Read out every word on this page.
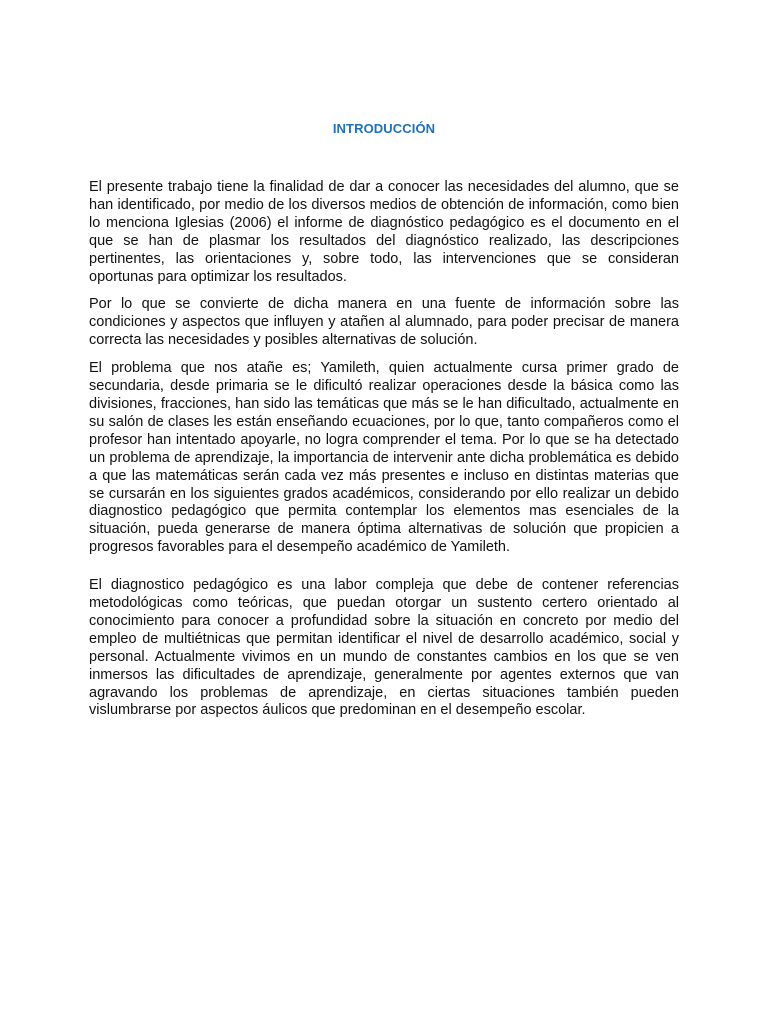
INTRODUCCIÓN

El presente trabajo tiene la finalidad de dar a conocer las necesidades del alumno, que se han identificado, por medio de los diversos medios de obtención de información, como bien lo menciona Iglesias (2006) el informe de diagnóstico pedagógico es el documento en el que se han de plasmar los resultados del diagnóstico realizado, las descripciones pertinentes, las orientaciones y, sobre todo, las intervenciones que se consideran oportunas para optimizar los resultados.

Por lo que se convierte de dicha manera en una fuente de información sobre las condiciones y aspectos que influyen y atañen al alumnado, para poder precisar de manera correcta las necesidades y posibles alternativas de solución.

El problema que nos atañe es; Yamileth, quien actualmente cursa primer grado de secundaria, desde primaria se le dificultó realizar operaciones desde la básica como las divisiones, fracciones, han sido las temáticas que más se le han dificultado, actualmente en su salón de clases les están enseñando ecuaciones, por lo que, tanto compañeros como el profesor han intentado apoyarle, no logra comprender el tema. Por lo que se ha detectado un problema de aprendizaje, la importancia de intervenir ante dicha problemática es debido a que las matemáticas serán cada vez más presentes e incluso en distintas materias que se cursarán en los siguientes grados académicos, considerando por ello realizar un debido diagnostico pedagógico que permita contemplar los elementos mas esenciales de la situación, pueda generarse de manera óptima alternativas de solución que propicien a progresos favorables para el desempeño académico de Yamileth.

El diagnostico pedagógico es una labor compleja que debe de contener referencias metodológicas como teóricas, que puedan otorgar un sustento certero orientado al conocimiento para conocer a profundidad sobre la situación en concreto por medio del empleo de multiétnicas que permitan identificar el nivel de desarrollo académico, social y personal. Actualmente vivimos en un mundo de constantes cambios en los que se ven inmersos las dificultades de aprendizaje, generalmente por agentes externos que van agravando los problemas de aprendizaje, en ciertas situaciones también pueden vislumbrarse por aspectos áulicos que predominan en el desempeño escolar.
